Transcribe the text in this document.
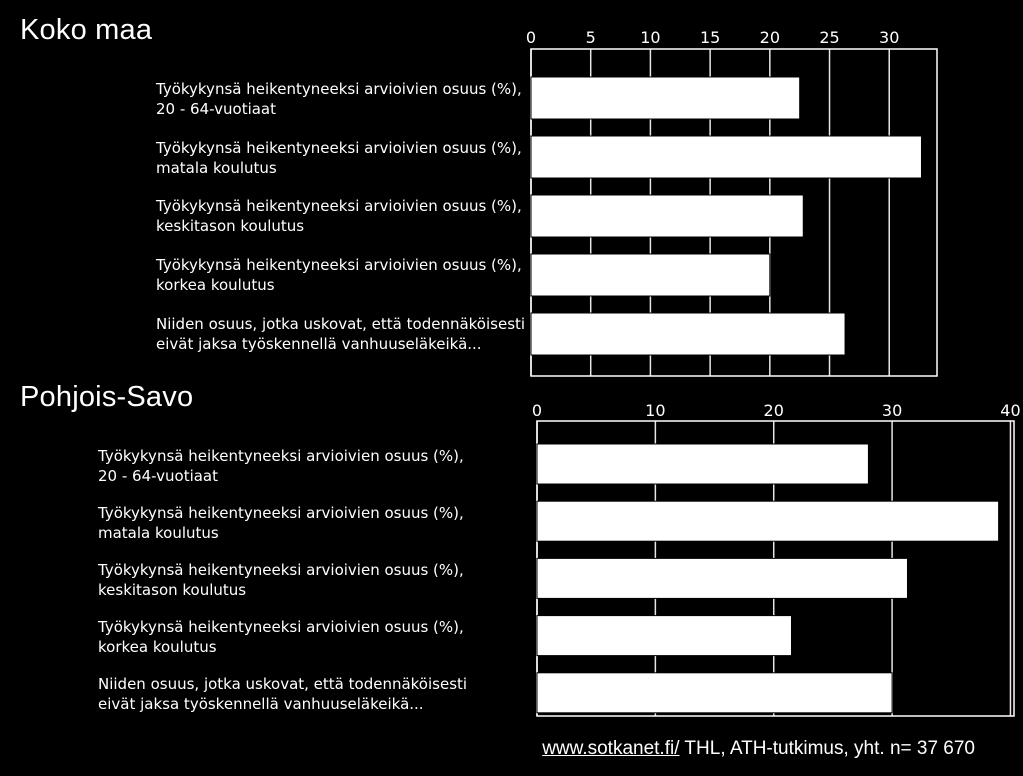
Koko maa
Pohjois-Savo
Työkykynsä heikentyneeksi arvioivien osuus (%),
20 - 64-vuotiaat
Työkykynsä heikentyneeksi arvioivien osuus (%),
matala koulutus
Työkykynsä heikentyneeksi arvioivien osuus (%),
keskitason koulutus
Työkykynsä heikentyneeksi arvioivien osuus (%),
korkea koulutus
Niiden osuus, jotka uskovat, että todennäköisesti
eivät jaksa työskennellä vanhuuseläkeikä...
Työkykynsä heikentyneeksi arvioivien osuus (%),
20 - 64-vuotiaat
Työkykynsä heikentyneeksi arvioivien osuus (%),
matala koulutus
Työkykynsä heikentyneeksi arvioivien osuus (%),
keskitason koulutus
Työkykynsä heikentyneeksi arvioivien osuus (%),
korkea koulutus
Niiden osuus, jotka uskovat, että todennäköisesti
eivät jaksa työskennellä vanhuuseläkeikä...
0	5	10 15 20 25 30
0	10	20	30	40
www.sotkanet.fi/ THL, ATH-tutkimus, yht. n= 37 670
